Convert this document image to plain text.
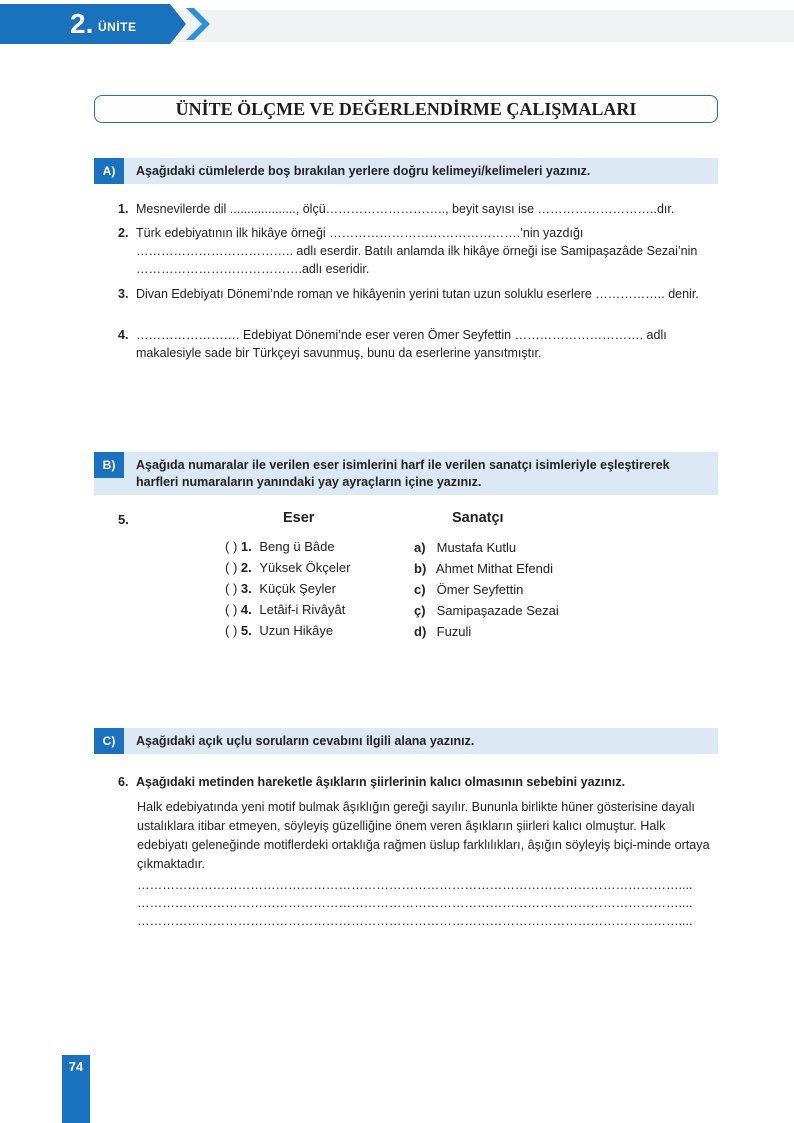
2. ÜNİTE
ÜNİTE ÖLÇME VE DEĞERLENDİRME ÇALIŞMALARI
A)	Aşağıdaki cümlelerde boş bırakılan yerlere doğru kelimeyi/kelimeleri yazınız.
1. Mesnevilerde dil ..................., ölçü……………………….., beyit sayısı ise ………………………..dır.
2. Türk edebiyatının ilk hikâye örneği ……………………………………….’nin yazdığı ……………………………….. adlı eserdir. Batılı anlamda ilk hikâye örneği ise Samipaşazâde Sezai’nin ………………………………….adlı eseridir.
3. Divan Edebiyatı Dönemi’nde roman ve hikâyenin yerini tutan uzun soluklu eserlere …………….. denir.
4. ……………………. Edebiyat Dönemi’nde eser veren Ömer Seyfettin …………………………. adlı makalesiyle sade bir Türkçeyi savunmuş, bunu da eserlerine yansıtmıştır.
B)	Aşağıda numaralar ile verilen eser isimlerini harf ile verilen sanatçı isimleriyle eşleştirerek harfleri numaraların yanındaki yay ayraçların içine yazınız.
5.	Eser	Sanatçı
( ) 1. Beng ü Bâde
( ) 2. Yüksek Ökçeler
( ) 3. Küçük Şeyler
( ) 4. Letâif-i Rivâyât
( ) 5. Uzun Hikâye
a) Mustafa Kutlu
b) Ahmet Mithat Efendi
c) Ömer Seyfettin
ç) Samipaşazade Sezai
d) Fuzuli
C)	Aşağıdaki açık uçlu soruların cevabını ilgili alana yazınız.
6. Aşağıdaki metinden hareketle âşıkların şiirlerinin kalıcı olmasının sebebini yazınız.
Halk edebiyatında yeni motif bulmak âşıklığın gereği sayılır. Bununla birlikte hüner gösterisine dayalı ustalıklara itibar etmeyen, söyleyiş güzelliğine önem veren âşıkların şiirleri kalıcı olmuştur. Halk edebiyatı geleneğinde motiflerdeki ortaklığa rağmen üslup farklılıkları, âşığın söyleyiş biçi-minde ortaya çıkmaktadır.
…………………………………………………………………………………………………………………....
…………………………………………………………………………………………………………………....
…………………………………………………………………………………………………………………....
74
